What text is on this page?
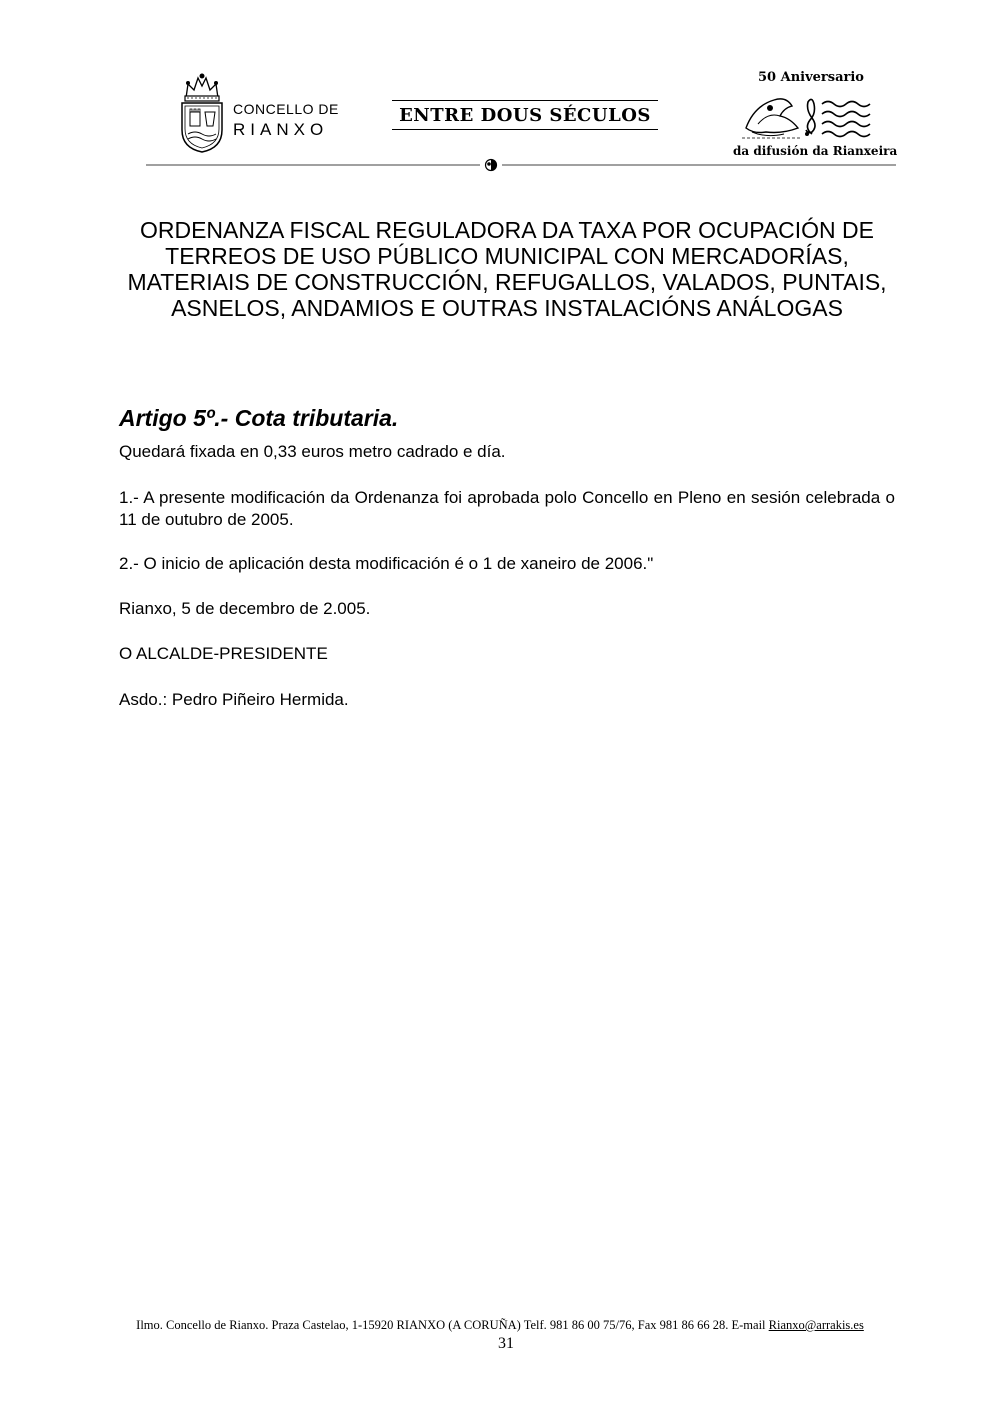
CONCELLO DE
RIANXO
ENTRE DOUS SÉCULOS
50 Aniversario
da difusión da Rianxeira
ORDENANZA FISCAL REGULADORA DA TAXA POR OCUPACIÓN DE TERREOS DE USO PÚBLICO MUNICIPAL CON MERCADORÍAS, MATERIAIS DE CONSTRUCCIÓN, REFUGALLOS, VALADOS, PUNTAIS, ASNELOS, ANDAMIOS E OUTRAS INSTALACIÓNS ANÁLOGAS
Artigo 5º.- Cota tributaria.

Quedará fixada en 0,33 euros metro cadrado e día.

1.- A presente modificación da Ordenanza foi aprobada polo Concello en Pleno en sesión celebrada o 11 de outubro de 2005.

2.- O inicio de aplicación desta modificación é o 1 de xaneiro de 2006."

Rianxo, 5 de decembro de 2.005.

O ALCALDE-PRESIDENTE

Asdo.: Pedro Piñeiro Hermida.

Ilmo. Concello de Rianxo. Praza Castelao, 1-15920 RIANXO (A CORUÑA) Telf. 981 86 00 75/76, Fax 981 86 66 28. E-mail Rianxo@arrakis.es
31
